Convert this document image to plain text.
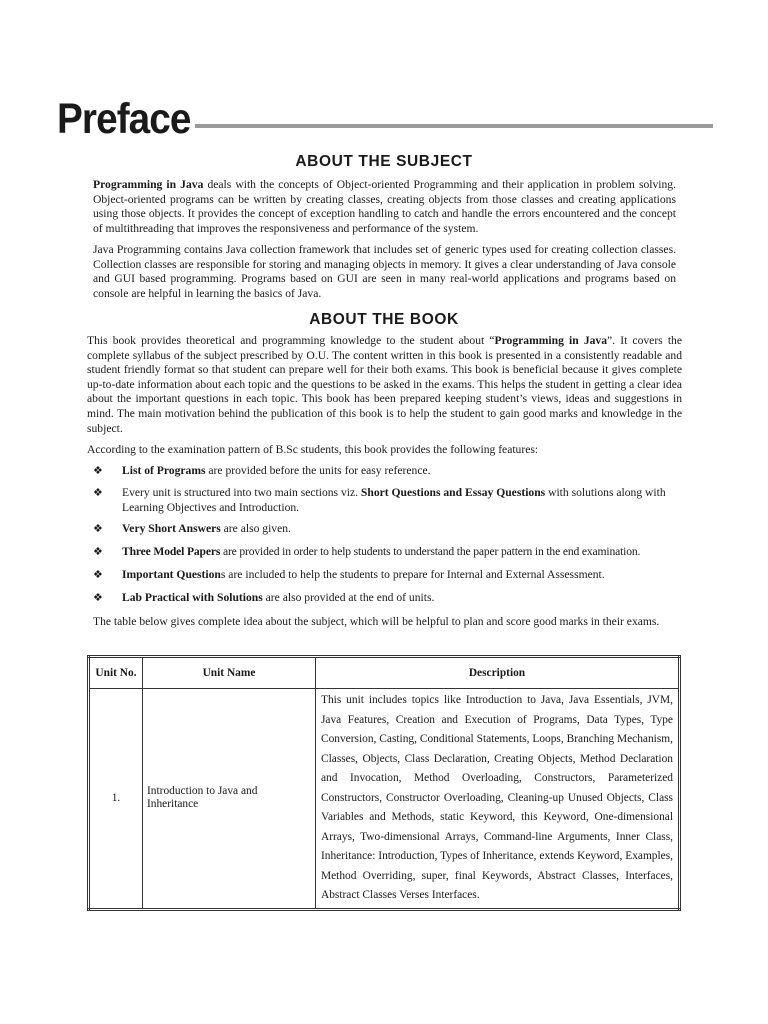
Preface
ABOUT THE SUBJECT

Programming in Java deals with the concepts of Object-oriented Programming and their application in problem solving. Object-oriented programs can be written by creating classes, creating objects from those classes and creating applications using those objects. It provides the concept of exception handling to catch and handle the errors encountered and the concept of multithreading that improves the responsiveness and performance of the system.

Java Programming contains Java collection framework that includes set of generic types used for creating collection classes. Collection classes are responsible for storing and managing objects in memory. It gives a clear understanding of Java console and GUI based programming. Programs based on GUI are seen in many real-world applications and programs based on console are helpful in learning the basics of Java.

ABOUT THE BOOK

This book provides theoretical and programming knowledge to the student about “Programming in Java”. It covers the complete syllabus of the subject prescribed by O.U. The content written in this book is presented in a consistently readable and student friendly format so that student can prepare well for their both exams. This book is beneficial because it gives complete up-to-date information about each topic and the questions to be asked in the exams. This helps the student in getting a clear idea about the important questions in each topic. This book has been prepared keeping student’s views, ideas and suggestions in mind. The main motivation behind the publication of this book is to help the student to gain good marks and knowledge in the subject.

According to the examination pattern of B.Sc students, this book provides the following features:

❖	List of Programs are provided before the units for easy reference.
❖	Every unit is structured into two main sections viz. Short Questions and Essay Questions with solutions along with Learning Objectives and Introduction.
❖	Very Short Answers are also given.
❖	Three Model Papers are provided in order to help students to understand the paper pattern in the end examination.
❖	Important Questions are included to help the students to prepare for Internal and External Assessment.
❖	Lab Practical with Solutions are also provided at the end of units.

The table below gives complete idea about the subject, which will be helpful to plan and score good marks in their exams.

Unit No.	Unit Name	Description
1.	Introduction to Java and Inheritance	This unit includes topics like Introduction to Java, Java Essentials, JVM, Java Features, Creation and Execution of Programs, Data Types, Type Conversion, Casting, Conditional Statements, Loops, Branching Mechanism, Classes, Objects, Class Declaration, Creating Objects, Method Declaration and Invocation, Method Overloading, Constructors, Parameterized Constructors, Constructor Overloading, Cleaning-up Unused Objects, Class Variables and Methods, static Keyword, this Keyword, One-dimensional Arrays, Two-dimensional Arrays, Command-line Arguments, Inner Class, Inheritance: Introduction, Types of Inheritance, extends Keyword, Examples, Method Overriding, super, final Keywords, Abstract Classes, Interfaces, Abstract Classes Verses Interfaces.
